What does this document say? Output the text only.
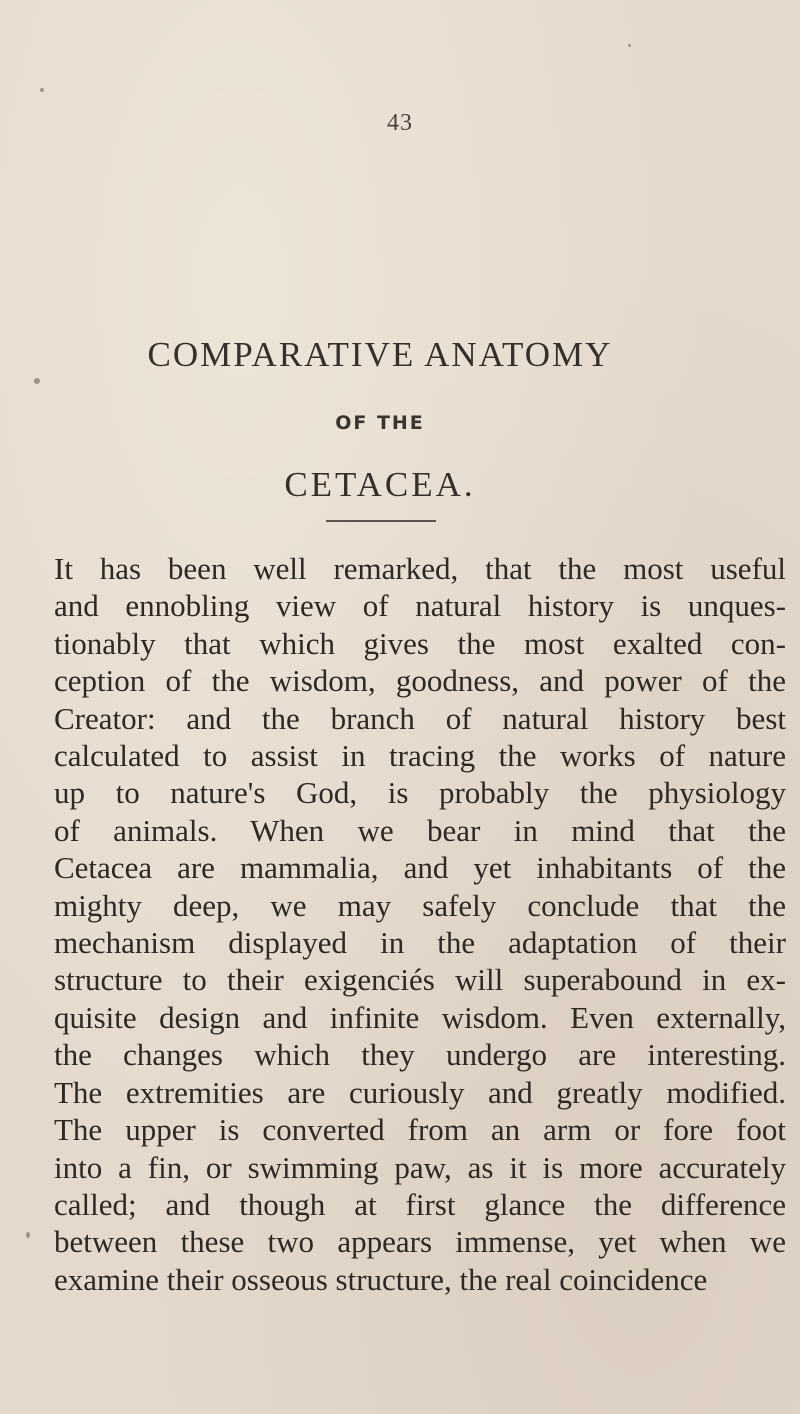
43
COMPARATIVE ANATOMY
OF THE
CETACEA.
It has been well remarked, that the most useful
and ennobling view of natural history is unques-
tionably that which gives the most exalted con-
ception of the wisdom, goodness, and power of the
Creator: and the branch of natural history best
calculated to assist in tracing the works of nature
up to nature's God, is probably the physiology
of animals. When we bear in mind that the
Cetacea are mammalia, and yet inhabitants of the
mighty deep, we may safely conclude that the
mechanism displayed in the adaptation of their
structure to their exigenciés will superabound in ex-
quisite design and infinite wisdom. Even externally,
the changes which they undergo are interesting.
The extremities are curiously and greatly modified.
The upper is converted from an arm or fore foot
into a fin, or swimming paw, as it is more accurately
called; and though at first glance the difference
between these two appears immense, yet when we
examine their osseous structure, the real coincidence
